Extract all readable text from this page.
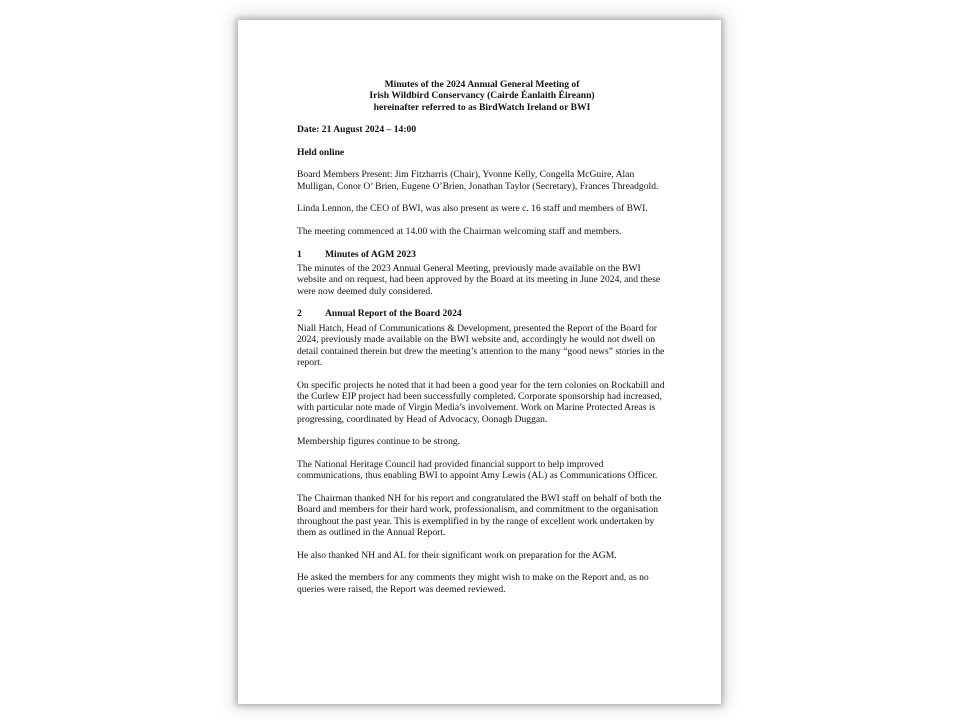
Minutes of the 2024 Annual General Meeting of
Irish Wildbird Conservancy (Cairde Éanlaith Éireann)
hereinafter referred to as BirdWatch Ireland or BWI

Date: 21 August 2024 – 14:00

Held online

Board Members Present: Jim Fitzharris (Chair), Yvonne Kelly, Congella McGuire, Alan Mulligan, Conor O’ Brien, Eugene O’Brien, Jonathan Taylor (Secretary), Frances Threadgold.

Linda Lennon, the CEO of BWI, was also present as were c. 16 staff and members of BWI.

The meeting commenced at 14.00 with the Chairman welcoming staff and members.

1	Minutes of AGM 2023

The minutes of the 2023 Annual General Meeting, previously made available on the BWI website and on request, had been approved by the Board at its meeting in June 2024, and these were now deemed duly considered.

2	Annual Report of the Board 2024

Niall Hatch, Head of Communications & Development, presented the Report of the Board for 2024, previously made available on the BWI website and, accordingly he would not dwell on detail contained therein but drew the meeting’s attention to the many “good news” stories in the report.

On specific projects he noted that it had been a good year for the tern colonies on Rockabill and the Curlew EIP project had been successfully completed. Corporate sponsorship had increased, with particular note made of Virgin Media’s involvement. Work on Marine Protected Areas is progressing, coordinated by Head of Advocacy, Oonagh Duggan.

Membership figures continue to be strong.

The National Heritage Council had provided financial support to help improved communications, thus enabling BWI to appoint Amy Lewis (AL) as Communications Officer.

The Chairman thanked NH for his report and congratulated the BWI staff on behalf of both the Board and members for their hard work, professionalism, and commitment to the organisation throughout the past year. This is exemplified in by the range of excellent work undertaken by them as outlined in the Annual Report.

He also thanked NH and AL for their significant work on preparation for the AGM.

He asked the members for any comments they might wish to make on the Report and, as no queries were raised, the Report was deemed reviewed.
